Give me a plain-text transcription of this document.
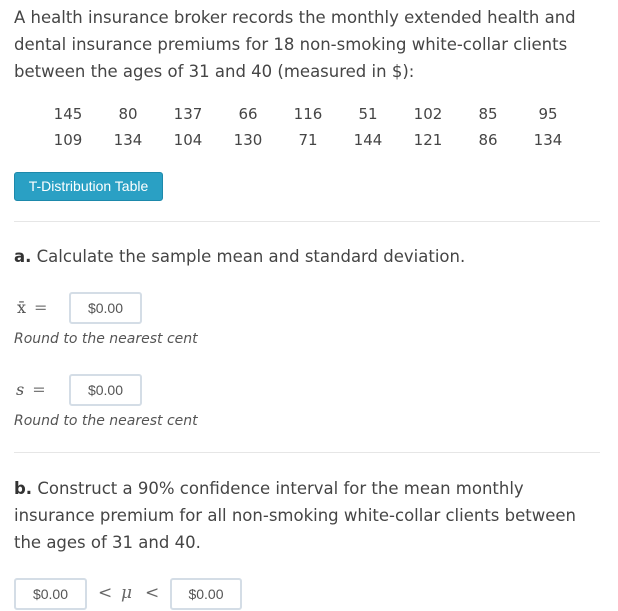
A health insurance broker records the monthly extended health and dental insurance premiums for 18 non-smoking white-collar clients between the ages of 31 and 40 (measured in $):

145	80	137	66	116	51	102	85	95
109	134	104	130	71	144	121	86	134
T-Distribution Table

a. Calculate the sample mean and standard deviation.

x̄ =
$0.00
Round to the nearest cent
s =
$0.00
Round to the nearest cent

b. Construct a 90% confidence interval for the mean monthly insurance premium for all non-smoking white-collar clients between the ages of 31 and 40.

$0.00
< μ <
$0.00
